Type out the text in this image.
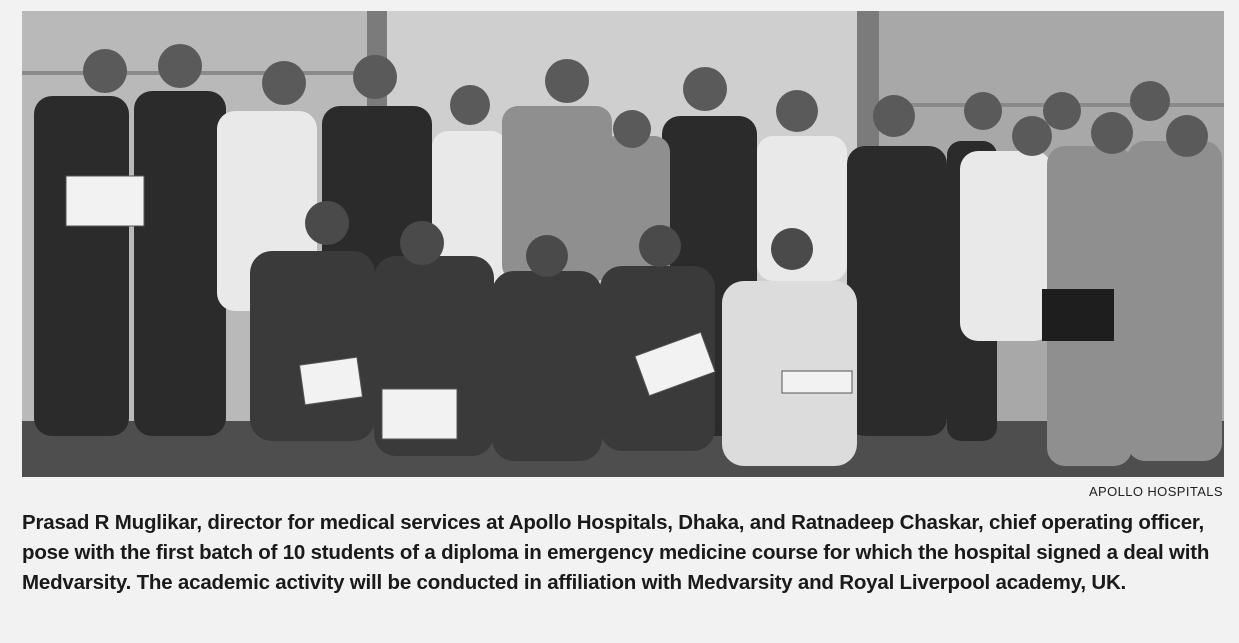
APOLLO HOSPITALS
Prasad R Muglikar, director for medical services at Apollo Hospitals, Dhaka, and Ratnadeep Chaskar, chief operating officer, pose with the first batch of 10 students of a diploma in emergency medicine course for which the hospital signed a deal with Medvarsity. The academic activity will be conducted in affiliation with Medvarsity and Royal Liverpool academy, UK.
